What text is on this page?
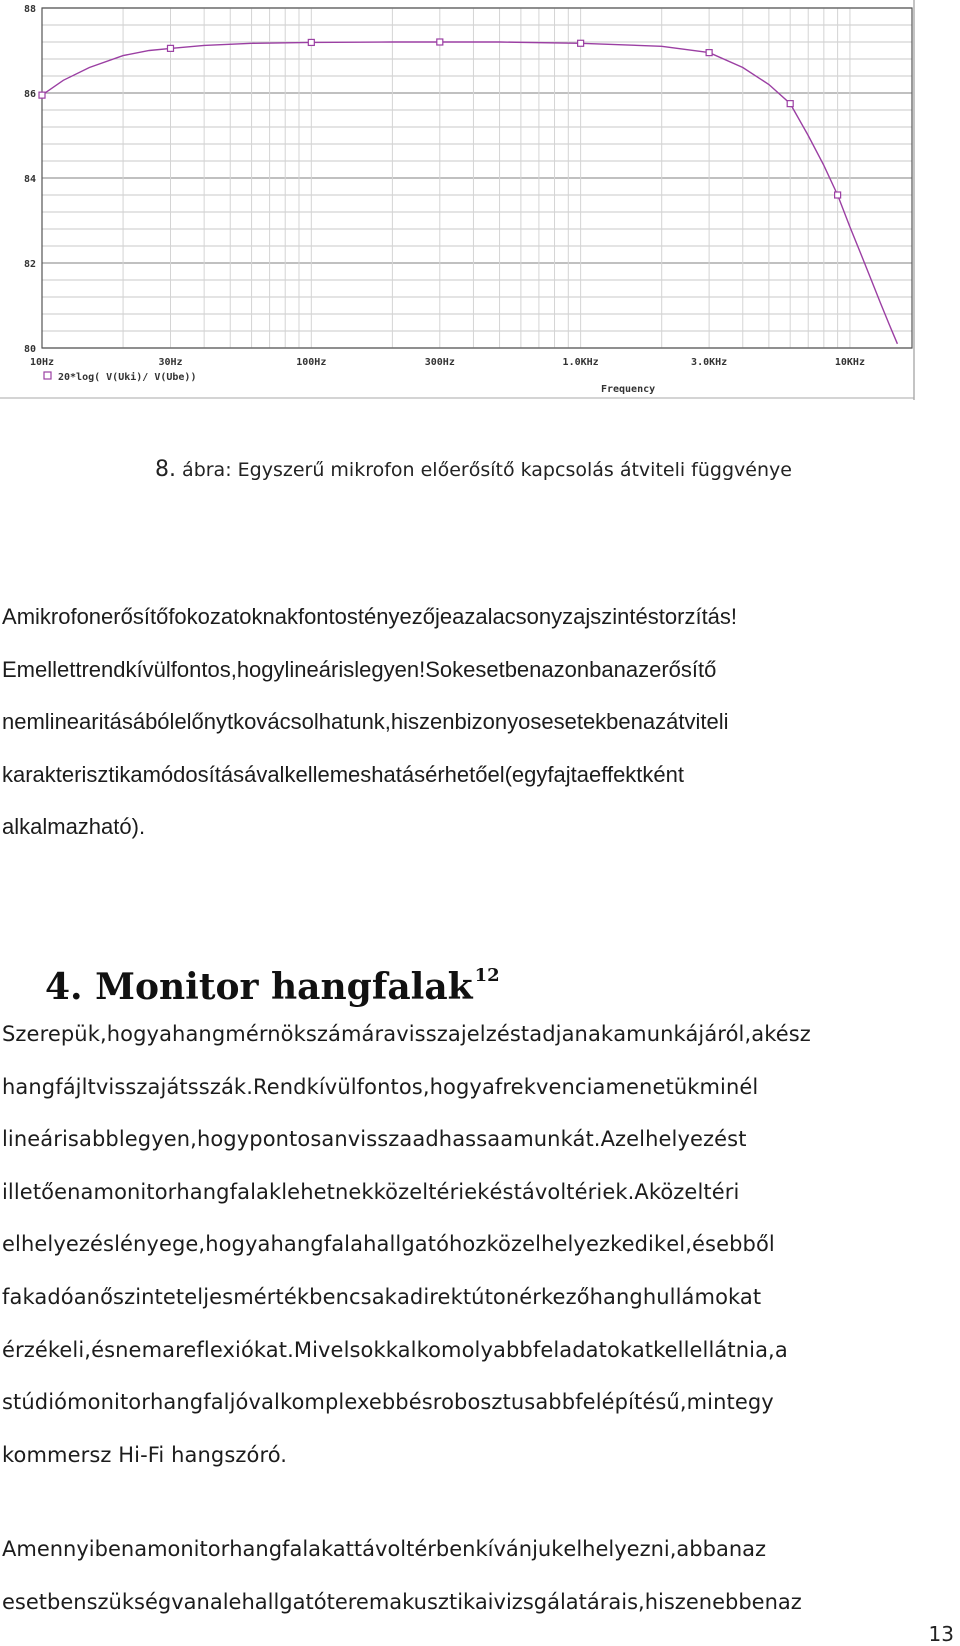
88
86
84
82
80
10Hz	30Hz	100Hz	300Hz	1.0KHz	3.0KHz	10KHz
Frequency
20*log( V(Uki)/ V(Ube))
8. ábra: Egyszerű mikrofon előerősítő kapcsolás átviteli függvénye
Amikrofonerősítőfokozatoknakfontostényezőjeazalacsonyzajszintéstorzítás!
Emellettrendkívülfontos,hogylineárislegyen!Sokesetbenazonbanazerősítő
nemlinearitásábólelőnytkovácsolhatunk,hiszenbizonyosesetekbenazátviteli
karakterisztikamódosításávalkellemeshatásérhetőel(egyfajtaeffektként
alkalmazható).
4. Monitor hangfalak $^{12}$
Szerepük,hogyahangmérnökszámáravisszajelzéstadjanakamunkájáról,akész
hangfájltvisszajátsszák.Rendkívülfontos,hogyafrekvenciamenetükminél
lineárisabblegyen,hogypontosanvisszaadhassaamunkát.Azelhelyezést
illetőenamonitorhangfalaklehetnekközeltériekéstávoltériek.Aközeltéri
elhelyezéslényege,hogyahangfalahallgatóhozközelhelyezkedikel,ésebből
fakadóanőszinteteljesmértékbencsakadirektútonérkezőhanghullámokat
érzékeli,ésnemareflexiókat.Mivelsokkalkomolyabbfeladatokatkellellátnia,a
stúdiómonitorhangfaljóvalkomplexebbésrobosztusabbfelépítésű,mintegy
kommersz Hi-Fi hangszóró.
Amennyibenamonitorhangfalakattávoltérbenkívánjukelhelyezni,abbanaz
esetbenszükségvanalehallgatóteremakusztikaivizsgálatárais,hiszenebbenaz
13
